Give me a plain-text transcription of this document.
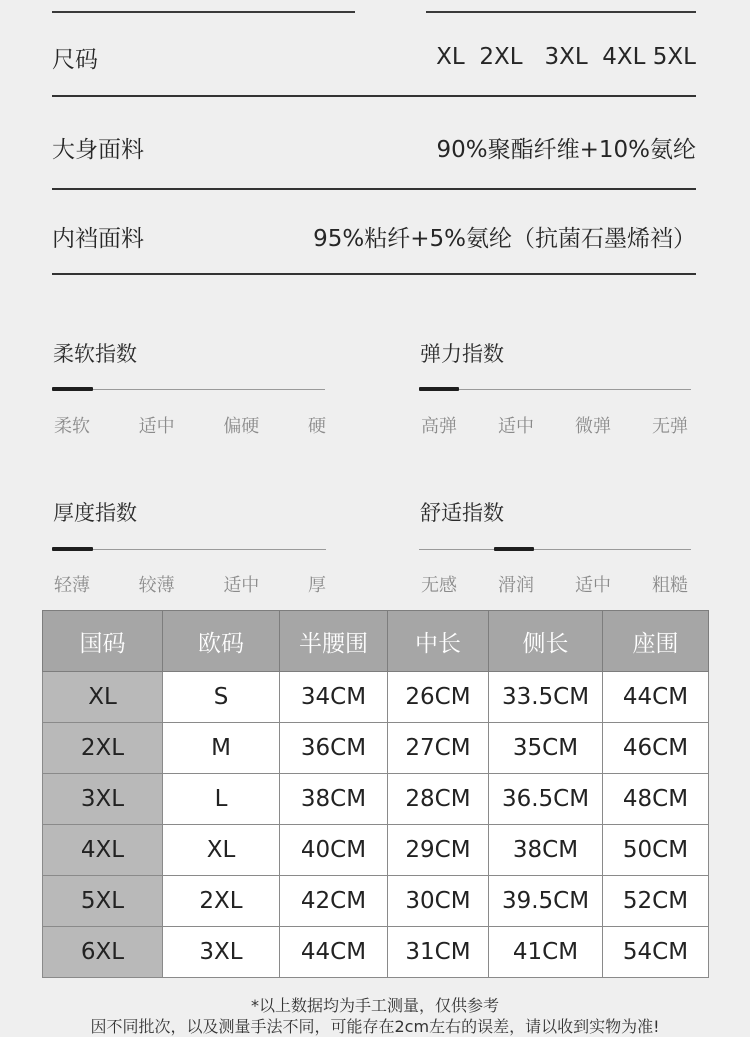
尺码	XL  2XL   3XL  4XL 5XL
大身面料	90%聚酯纤维+10%氨纶
内裆面料	95%粘纤+5%氨纶（抗菌石墨烯裆）
柔软指数
柔软	适中	偏硬	硬
弹力指数
高弹 适中 微弹 无弹
厚度指数
轻薄	较薄	适中	厚
舒适指数
无感 滑润 适中 粗糙
国码	欧码	半腰围	中长	侧长	座围
XL	S	34CM	26CM	33.5CM	44CM
2XL	M	36CM	27CM	35CM	46CM
3XL	L	38CM	28CM	36.5CM	48CM
4XL	XL	40CM	29CM	38CM	50CM
5XL	2XL	42CM	30CM	39.5CM	52CM
6XL	3XL	44CM	31CM	41CM	54CM
*以上数据均为手工测量，仅供参考
因不同批次，以及测量手法不同，可能存在2cm左右的误差，请以收到实物为准!
